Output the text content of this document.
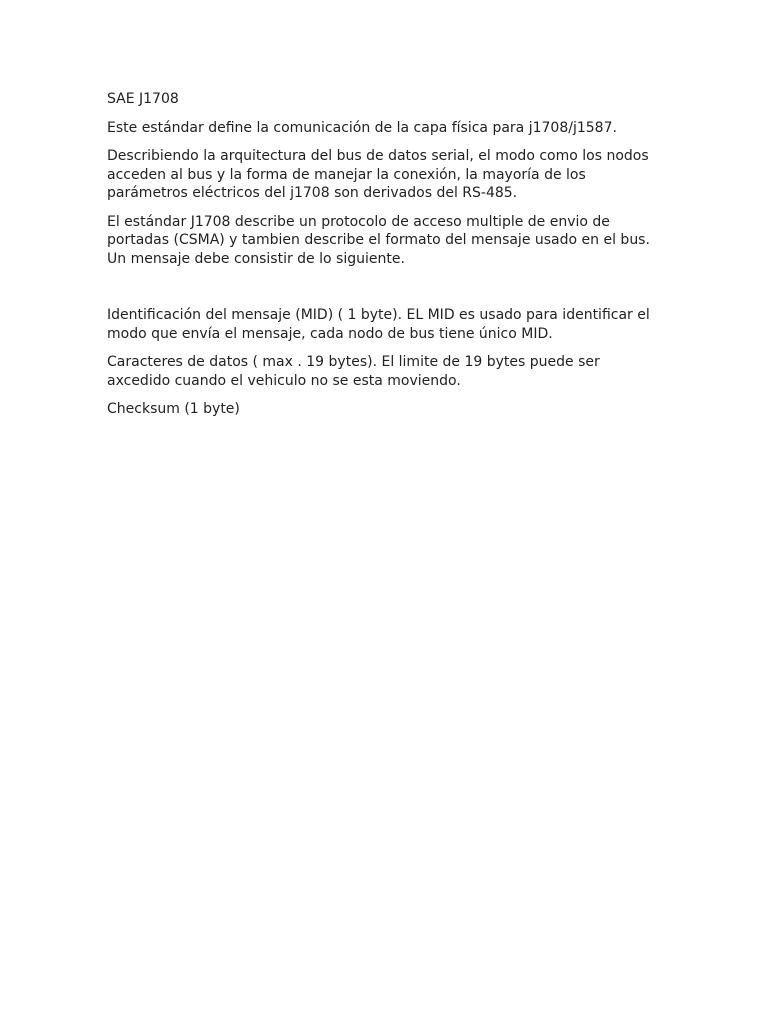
SAE J1708

Este estándar define la comunicación de la capa física para j1708/j1587.

Describiendo la arquitectura del bus de datos serial, el modo como los nodos acceden al bus y la forma de manejar la conexión, la mayoría de los parámetros eléctricos del j1708 son derivados del RS-485.

El estándar J1708 describe un protocolo de acceso multiple de envio de portadas (CSMA) y tambien describe el formato del mensaje usado en el bus. Un mensaje debe consistir de lo siguiente.

Identificación del mensaje (MID) ( 1 byte). EL MID es usado para identificar el modo que envía el mensaje, cada nodo de bus tiene único MID.

Caracteres de datos ( max . 19 bytes). El limite de 19 bytes puede ser axcedido cuando el vehiculo no se esta moviendo.

Checksum (1 byte)
